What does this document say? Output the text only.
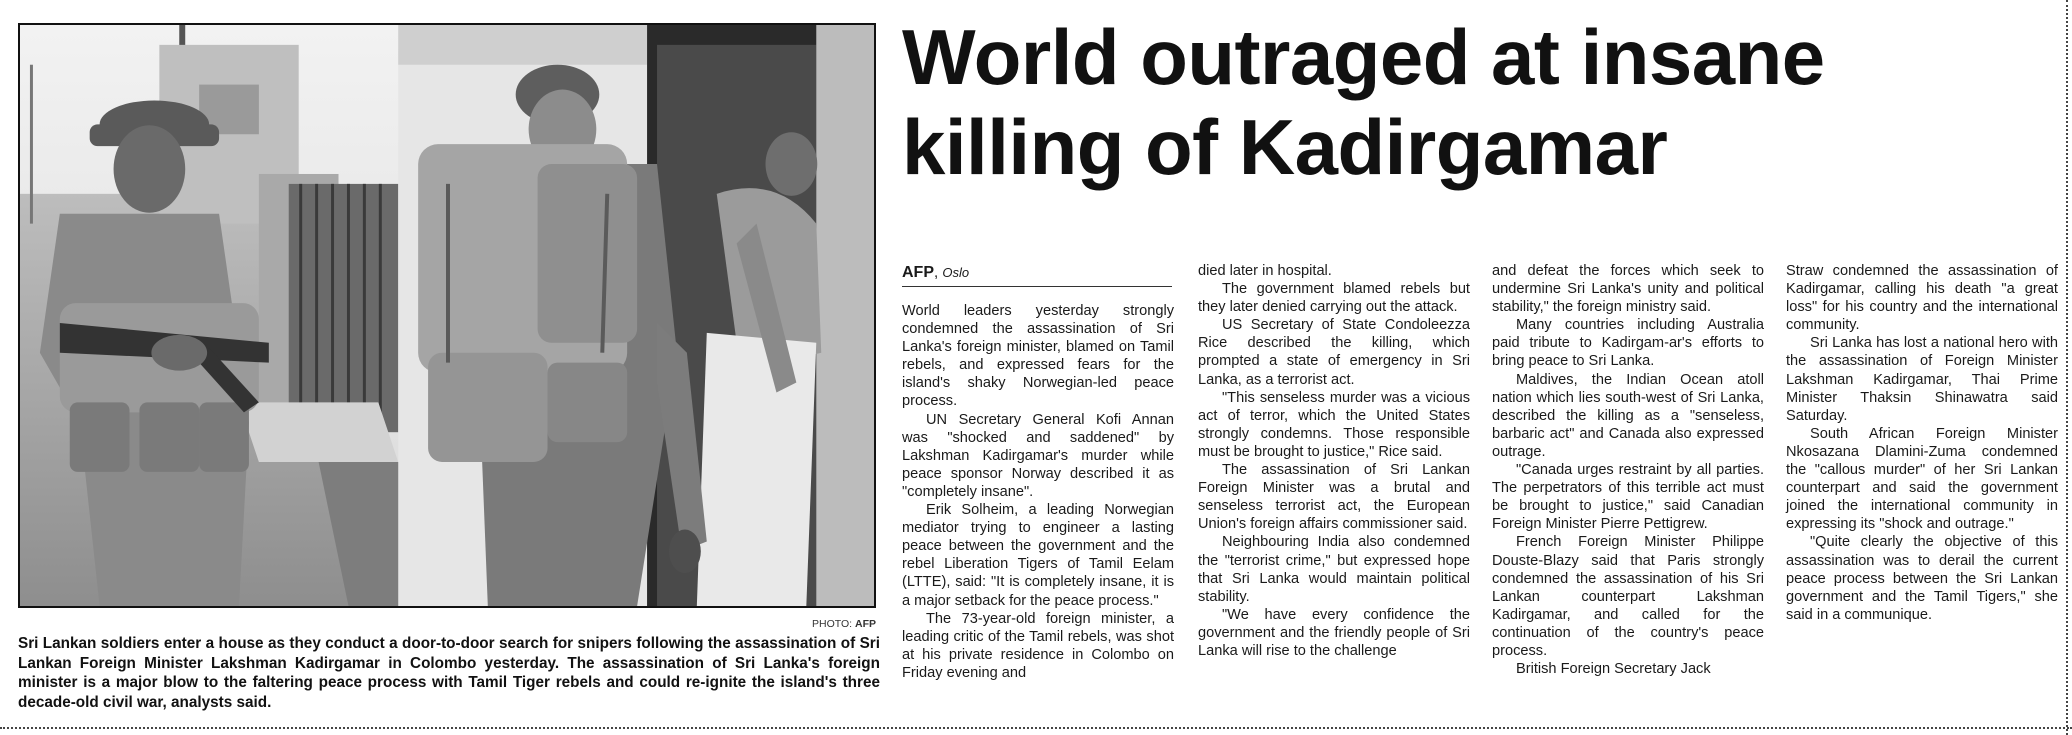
PHOTO: AFP
Sri Lankan soldiers enter a house as they conduct a door-to-door search for snipers following the assassination of Sri Lankan Foreign Minister Lakshman Kadirgamar in Colombo yesterday. The assassination of Sri Lanka's foreign minister is a major blow to the faltering peace process with Tamil Tiger rebels and could re-ignite the island's three decade-old civil war, analysts said.
World outraged at insane
killing of Kadirgamar
AFP, Oslo

World leaders yesterday strongly condemned the assassination of Sri Lanka's foreign minister, blamed on Tamil rebels, and expressed fears for the island's shaky Norwegian-led peace process.

UN Secretary General Kofi Annan was "shocked and saddened" by Lakshman Kadirgamar's murder while peace sponsor Norway described it as "completely insane".

Erik Solheim, a leading Norwegian mediator trying to engineer a lasting peace between the government and the rebel Liberation Tigers of Tamil Eelam (LTTE), said: "It is completely insane, it is a major setback for the peace process."

The 73-year-old foreign minister, a leading critic of the Tamil rebels, was shot at his private residence in Colombo on Friday evening and

died later in hospital.

The government blamed rebels but they later denied carrying out the attack.

US Secretary of State Condoleezza Rice described the killing, which prompted a state of emergency in Sri Lanka, as a terrorist act.

"This senseless murder was a vicious act of terror, which the United States strongly condemns. Those responsible must be brought to justice," Rice said.

The assassination of Sri Lankan Foreign Minister was a brutal and senseless terrorist act, the European Union's foreign affairs commissioner said.

Neighbouring India also condemned the "terrorist crime," but expressed hope that Sri Lanka would maintain political stability.

"We have every confidence the government and the friendly people of Sri Lanka will rise to the challenge

and defeat the forces which seek to undermine Sri Lanka's unity and political stability," the foreign ministry said.

Many countries including Australia paid tribute to Kadirgam-ar's efforts to bring peace to Sri Lanka.

Maldives, the Indian Ocean atoll nation which lies south-west of Sri Lanka, described the killing as a "senseless, barbaric act" and Canada also expressed outrage.

"Canada urges restraint by all parties. The perpetrators of this terrible act must be brought to justice," said Canadian Foreign Minister Pierre Pettigrew.

French Foreign Minister Philippe Douste-Blazy said that Paris strongly condemned the assassination of his Sri Lankan counterpart Lakshman Kadirgamar, and called for the continuation of the country's peace process.

British Foreign Secretary Jack

Straw condemned the assassination of Kadirgamar, calling his death "a great loss" for his country and the international community.

Sri Lanka has lost a national hero with the assassination of Foreign Minister Lakshman Kadirgamar, Thai Prime Minister Thaksin Shinawatra said Saturday.

South African Foreign Minister Nkosazana Dlamini-Zuma condemned the "callous murder" of her Sri Lankan counterpart and said the government joined the international community in expressing its "shock and outrage."

"Quite clearly the objective of this assassination was to derail the current peace process between the Sri Lankan government and the Tamil Tigers," she said in a communique.
